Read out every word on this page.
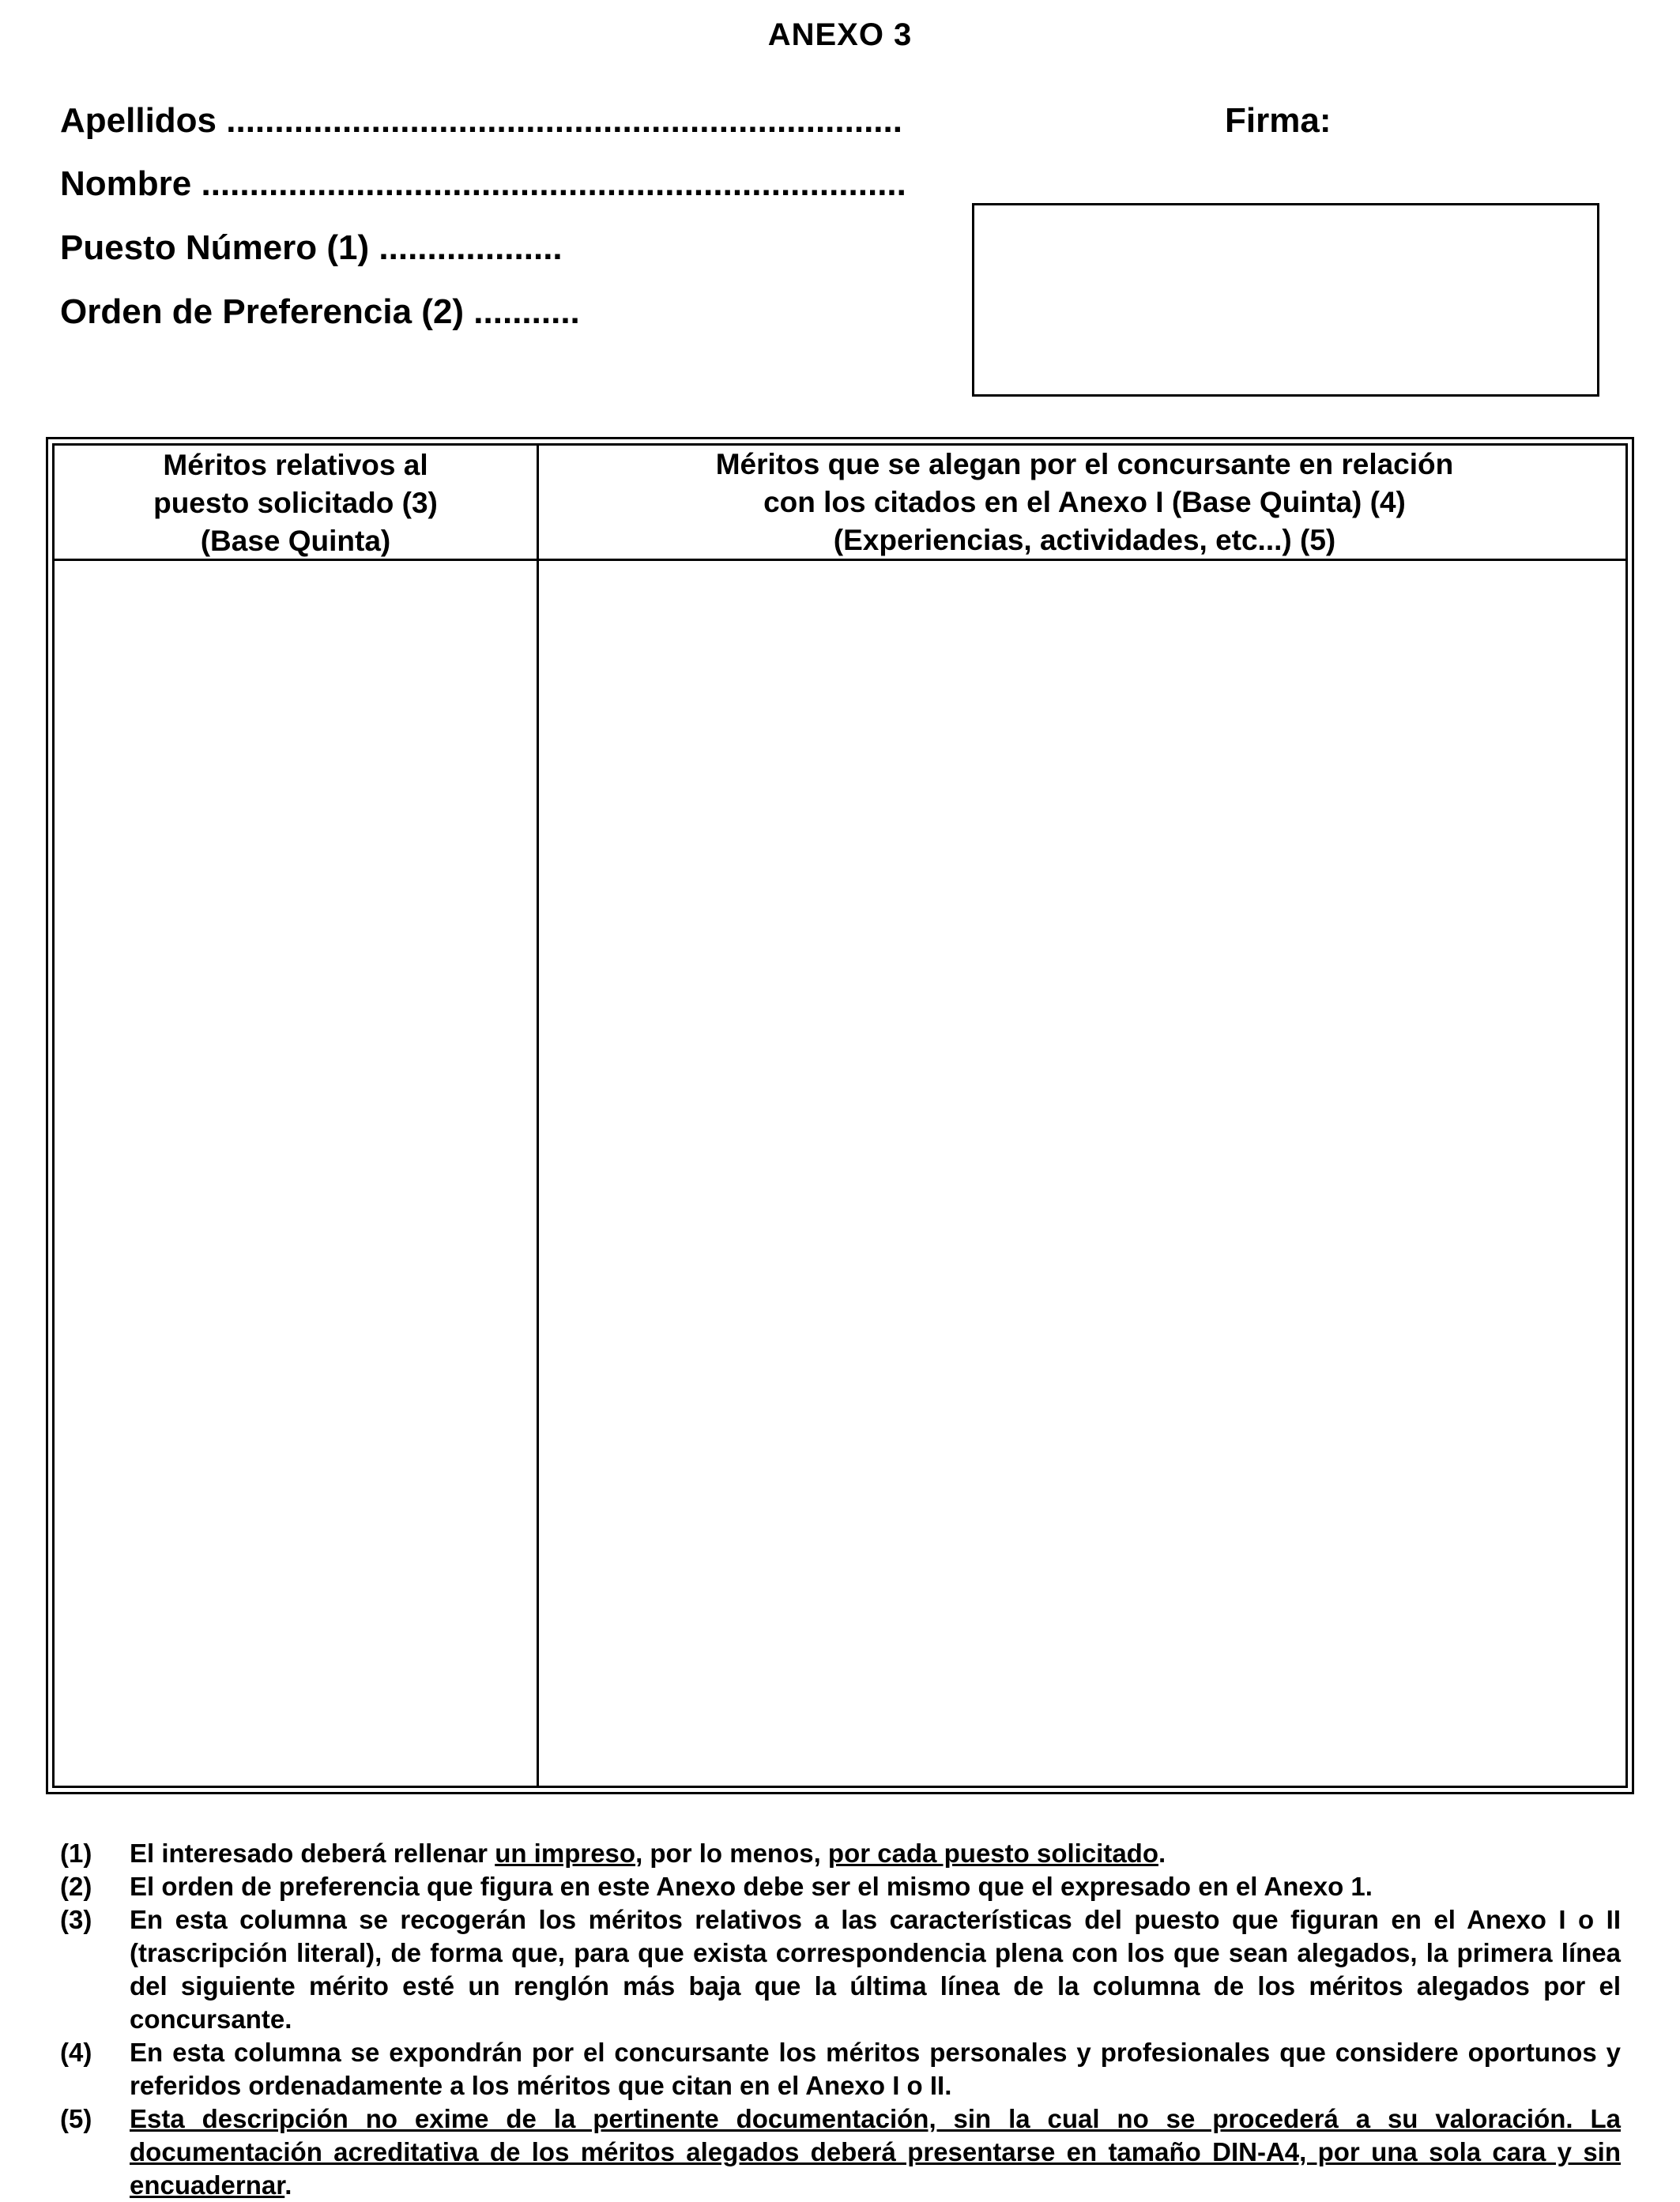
ANEXO 3
Apellidos ......................................................................
Nombre .........................................................................
Puesto Número (1) ...................
Orden de Preferencia (2) ...........
Firma:
Méritos relativos al
puesto solicitado (3)
(Base Quinta)
Méritos que se alegan por el concursante en relación
con los citados en el Anexo I (Base Quinta) (4)
(Experiencias, actividades, etc...) (5)
(1) El interesado deberá rellenar un impreso, por lo menos, por cada puesto solicitado.
(2) El orden de preferencia que figura en este Anexo debe ser el mismo que el expresado en el Anexo 1.
(3) En esta columna se recogerán los méritos relativos a las características del puesto que figuran en el Anexo I o II (trascripción literal), de forma que, para que exista correspondencia plena con los que sean alegados, la primera línea del siguiente mérito esté un renglón más baja que la última línea de la columna de los méritos alegados por el concursante.
(4) En esta columna se expondrán por el concursante los méritos personales y profesionales que considere oportunos y referidos ordenadamente a los méritos que citan en el Anexo I o II.
(5) Esta descripción no exime de la pertinente documentación, sin la cual no se procederá a su valoración. La documentación acreditativa de los méritos alegados deberá presentarse en tamaño DIN-A4, por una sola cara y sin encuadernar.
